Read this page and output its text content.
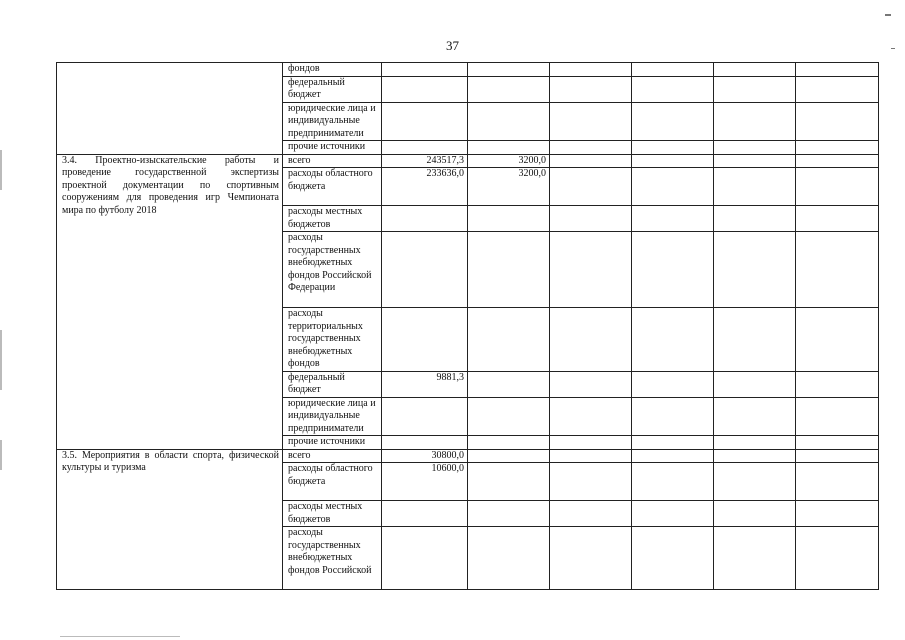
37
	фондов						
	федеральный бюджет						
	юридические лица и индивидуальные предприниматели						
	прочие источники						
3.4. Проектно-изыскательские работы и проведение государственной экспертизы проектной документации по спортивным сооружениям для проведения игр Чемпионата мира по футболу 2018	всего	243517,3	3200,0				
	расходы областного бюджета	233636,0	3200,0				
	расходы местных бюджетов						
	расходы государственных внебюджетных фондов Российской Федерации						
	расходы территориальных государственных внебюджетных фондов						
	федеральный бюджет	9881,3					
	юридические лица и индивидуальные предприниматели						
	прочие источники						
3.5. Мероприятия в области спорта, физической культуры и туризма	всего	30800,0					
	расходы областного бюджета	10600,0					
	расходы местных бюджетов						
	расходы государственных внебюджетных фондов Российской						
